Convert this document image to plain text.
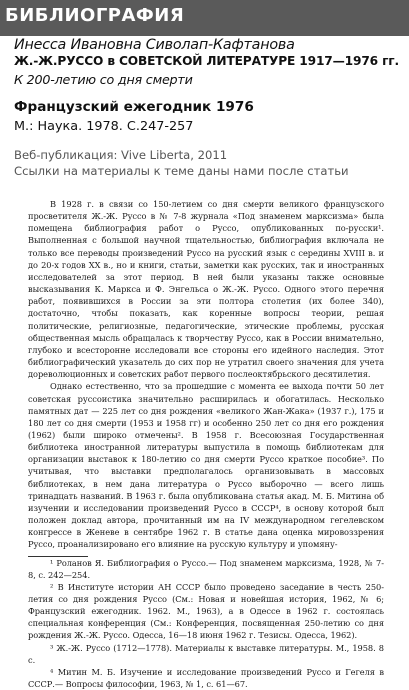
БИБЛИОГРАФИЯ
Инесса Ивановна Сиволап-Кафтанова
Ж.-Ж.РУССО в СОВЕТСКОЙ ЛИТЕРАТУРЕ 1917—1976 гг.
К 200-летию со дня смерти
Французский ежегодник 1976
М.: Наука. 1978. С.247-257
Веб-публикация: Vive Liberta, 2011
Ссылки на материалы к теме даны нами после статьи

В 1928 г. в связи со 150-летием со дня смерти великого французского просветителя Ж.-Ж. Руссо в № 7-8 журнала «Под знаменем марксизма» была помещена библиография работ о Руссо, опубликованных по-русски¹. Выполненная с большой научной тщательностью, библиография включала не только все переводы произведений Руссо на русский язык с середины XVIII в. и до 20-х годов XX в., но и книги, статьи, заметки как русских, так и иностранных исследователей за этот период. В ней были указаны также основные высказывания К. Маркса и Ф. Энгельса о Ж.-Ж. Руссо. Одного этого перечня работ, появившихся в России за эти полтора столетия (их более 340), достаточно, чтобы показать, как коренные вопросы теории, решая политические, религиозные, педагогические, этические проблемы, русская общественная мысль обращалась к творчеству Руссо, как в России внимательно, глубоко и всесторонне исследовали все стороны его идейного наследия. Этот библиографический указатель до сих пор не утратил своего значения для учета дореволюционных и советских работ первого послеоктябрьского десятилетия.

Однако естественно, что за прошедшие с момента ее выхода почти 50 лет советская руссоистика значительно расширилась и обогатилась. Несколько памятных дат — 225 лет со дня рождения «великого Жан-Жака» (1937 г.), 175 и 180 лет со дня смерти (1953 и 1958 гг) и особенно 250 лет со дня его рождения (1962) были широко отмечены². В 1958 г. Всесоюзная Государственная библиотека иностранной литературы выпустила в помощь библиотекам для организации выставок к 180-летию со дня смерти Руссо краткое пособие³. По учитывая, что выставки предполагалось организовывать в массовых библиотеках, в нем дана литература о Руссо выборочно — всего лишь тринадцать названий. В 1963 г. была опубликована статья акад. М. Б. Митина об изучении и исследовании произведений Руссо в СССР⁴, в основу которой был положен доклад автора, прочитанный им на IV международном гегелевском конгрессе в Женеве в сентябре 1962 г. В статье дана оценка мировоззрения Руссо, проанализировано его влияние на русскую культуру и упомяну-

¹ Роланов Я. Библиография о Руссо.— Под знаменем марксизма, 1928, № 7-8, с. 242—254.

² В Институте истории АН СССР было проведено заседание в честь 250-летия со дня рождения Руссо (См.: Новая и новейшая история, 1962, № 6; Французский ежегодник. 1962. М., 1963), а в Одессе в 1962 г. состоялась специальная конференция (См.: Конференция, посвященная 250-летию со дня рождения Ж.-Ж. Руссо. Одесса, 16—18 июня 1962 г. Тезисы. Одесса, 1962).

³ Ж.-Ж. Руссо (1712—1778). Материалы к выставке литературы. М., 1958. 8 с.

⁴ Митин М. Б. Изучение и исследование произведений Руссо и Гегеля в СССР.— Вопросы философии, 1963, № 1, с. 61—67.
